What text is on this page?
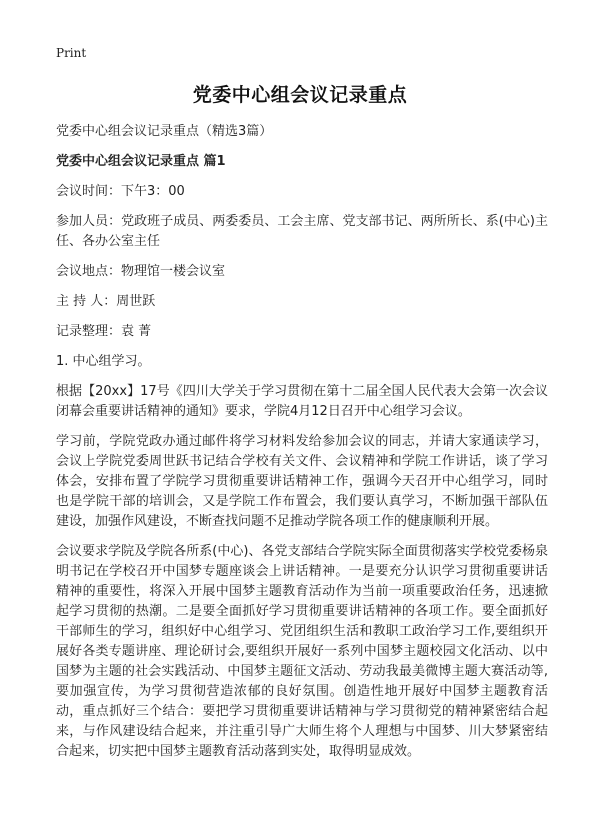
Print
党委中心组会议记录重点

党委中心组会议记录重点（精选3篇）

党委中心组会议记录重点 篇1

会议时间：下午3：00

参加人员：党政班子成员、两委委员、工会主席、党支部书记、两所所长、系(中心)主任、各办公室主任

会议地点：物理馆一楼会议室

主 持 人：周世跃

记录整理：袁 菁

1. 中心组学习。

根据【20xx】17号《四川大学关于学习贯彻在第十二届全国人民代表大会第一次会议闭幕会重要讲话精神的通知》要求，学院4月12日召开中心组学习会议。

学习前，学院党政办通过邮件将学习材料发给参加会议的同志，并请大家通读学习，会议上学院党委周世跃书记结合学校有关文件、会议精神和学院工作讲话，谈了学习体会，安排布置了学院学习贯彻重要讲话精神工作，强调今天召开中心组学习，同时也是学院干部的培训会，又是学院工作布置会，我们要认真学习，不断加强干部队伍建设，加强作风建设，不断查找问题不足推动学院各项工作的健康顺利开展。

会议要求学院及学院各所系(中心)、各党支部结合学院实际全面贯彻落实学校党委杨泉明书记在学校召开中国梦专题座谈会上讲话精神。一是要充分认识学习贯彻重要讲话精神的重要性，将深入开展中国梦主题教育活动作为当前一项重要政治任务，迅速掀起学习贯彻的热潮。二是要全面抓好学习贯彻重要讲话精神的各项工作。要全面抓好干部师生的学习，组织好中心组学习、党团组织生活和教职工政治学习工作,要组织开展好各类专题讲座、理论研讨会,要组织开展好一系列中国梦主题校园文化活动、以中国梦为主题的社会实践活动、中国梦主题征文活动、劳动我最美微博主题大赛活动等,要加强宣传，为学习贯彻营造浓郁的良好氛围。创造性地开展好中国梦主题教育活动，重点抓好三个结合：要把学习贯彻重要讲话精神与学习贯彻党的精神紧密结合起来，与作风建设结合起来，并注重引导广大师生将个人理想与中国梦、川大梦紧密结合起来，切实把中国梦主题教育活动落到实处，取得明显成效。
